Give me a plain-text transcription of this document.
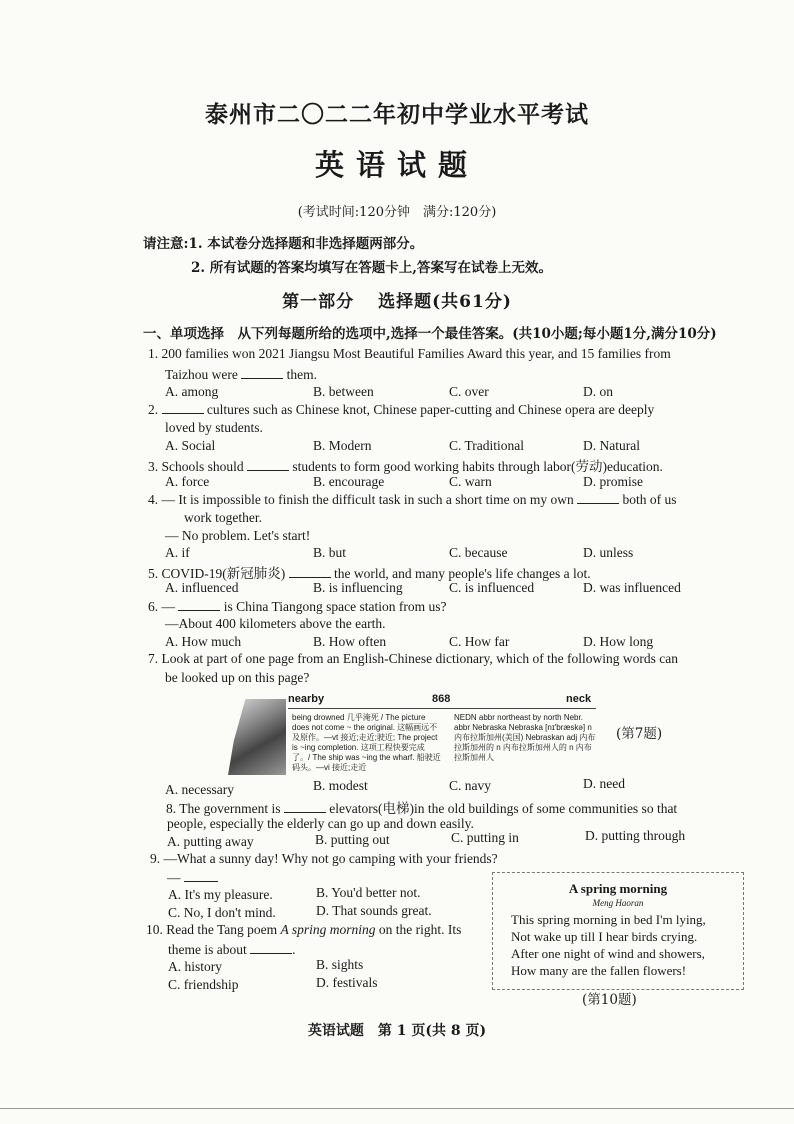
泰州市二〇二二年初中学业水平考试
英语试题
(考试时间:120分钟　满分:120分)
请注意:1. 本试卷分选择题和非选择题两部分。
2. 所有试题的答案均填写在答题卡上,答案写在试卷上无效。
第一部分 选择题(共61分)
一、单项选择　从下列每题所给的选项中,选择一个最佳答案。(共10小题;每小题1分,满分10分)
1. 200 families won 2021 Jiangsu Most Beautiful Families Award this year, and 15 families from
Taizhou were	them.
A. among	B. between	C. over	D. on
2.	cultures such as Chinese knot, Chinese paper-cutting and Chinese opera are deeply
loved by students.
A. Social	B. Modern	C. Traditional	D. Natural
3. Schools should	students to form good working habits through labor(劳动)education.
A. force	B. encourage	C. warn	D. promise
4. — It is impossible to finish the difficult task in such a short time on my own	both of us
work together.
— No problem. Let's start!
A. if	B. but	C. because	D. unless
5. COVID-19(新冠肺炎)	the world, and many people's life changes a lot.
A. influenced	B. is influencing	C. is influenced	D. was influenced
6. —	is China Tiangong space station from us?
—About 400 kilometers above the earth.
A. How much	B. How often	C. How far	D. How long
7. Look at part of one page from an English-Chinese dictionary, which of the following words can
be looked up on this page?
nearby	868	neck
being drowned 几乎淹死 / The picture does not come ~ the original. 这幅画远不及原作。—vt 接近;走近;驶近; The project is ~ing completion. 这项工程快要完成了。/ The ship was ~ing the wharf. 船驶近码头。—vi 接近;走近
NEDN abbr northeast by north Nebr. abbr Nebraska Nebraska [nɪ'bræskə] n 内布拉斯加州(美国) Nebraskan adj 内布拉斯加州的 n 内布拉斯加州人的 n 内布拉斯加州人
(第7题)
A. necessary	B. modest	C. navy	D. need
8. The government is	elevators(电梯)in the old buildings of some communities so that
people, especially the elderly can go up and down easily.
A. putting away	B. putting out	C. putting in	D. putting through
9. —What a sunny day! Why not go camping with your friends?
—
A. It's my pleasure.	B. You'd better not.
C. No, I don't mind.	D. That sounds great.
10. Read the Tang poem A spring morning on the right. Its
theme is about	.
A. history	B. sights
C. friendship	D. festivals
A spring morning
Meng Haoran
This spring morning in bed I'm lying,
Not wake up till I hear birds crying.
After one night of wind and showers,
How many are the fallen flowers!
(第10题)
英语试题　第 1 页(共 8 页)
